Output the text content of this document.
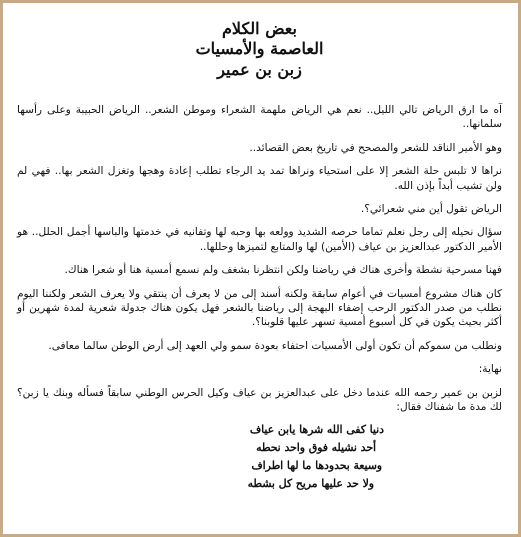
بعض الكلام
العاصمة والأمسيات
زبن بن عمير

آه ما ارق الرياض تالي الليل.. نعم هي الرياض ملهمة الشعراء وموطن الشعر.. الرياض الحبيبة وعلى رأسها سلمانها..

وهو الأمير الناقد للشعر والمصحح في تاريخ بعض القصائد..

نراها لا تلبس حلة الشعر إلا على استحياء ونراها تمد يد الرجاء تطلب إعادة وهجها وتغزل الشعر بها.. فهي لم ولن تشيب أبداً بإذن الله.

الرياض تقول أين مني شعرائي؟.

سؤال نحيله إلى رجل نعلم تماما حرصه الشديد وولعه بها وحبه لها وتفانيه في خدمتها والباسها أجمل الحلل.. هو الأمير الدكتور عبدالعزيز بن عياف (الأمين) لها والمتابع لتميزها وحللها..

فهنا مسرحية نشطة وأخرى هناك في رياضنا ولكن انتظرنا بشغف ولم نسمع أمسية هنا أو شعرا هناك.

كان هناك مشروع أمسيات في أعوام سابقة ولكنه أسند إلى من لا يعرف أن ينتقي ولا يعرف الشعر ولكننا اليوم نطلب من صدر الدكتور الرحب إضفاء البهجة إلى رياضنا بالشعر فهل يكون هناك جدولة شعرية لمدة شهرين أو أكثر بحيث يكون في كل أسبوع أمسية تسهر عليها قلوبنا؟.

ونطلب من سموكم أن تكون أولى الأمسيات احتفاء بعودة سمو ولي العهد إلى أرض الوطن سالما معافى.

نهاية:

لزبن بن عمير رحمه الله عندما دخل على عبدالعزيز بن عياف وكيل الحرس الوطني سابقاً فسأله وبنك يا زبن؟ لك مدة ما شفناك فقال:

دنيا كفى الله شرها يابن عياف
أحد نشيله فوق واحد نحطه
وسيعة بحدودها ما لها اطراف
ولا حد عليها مريح كل بشطه
